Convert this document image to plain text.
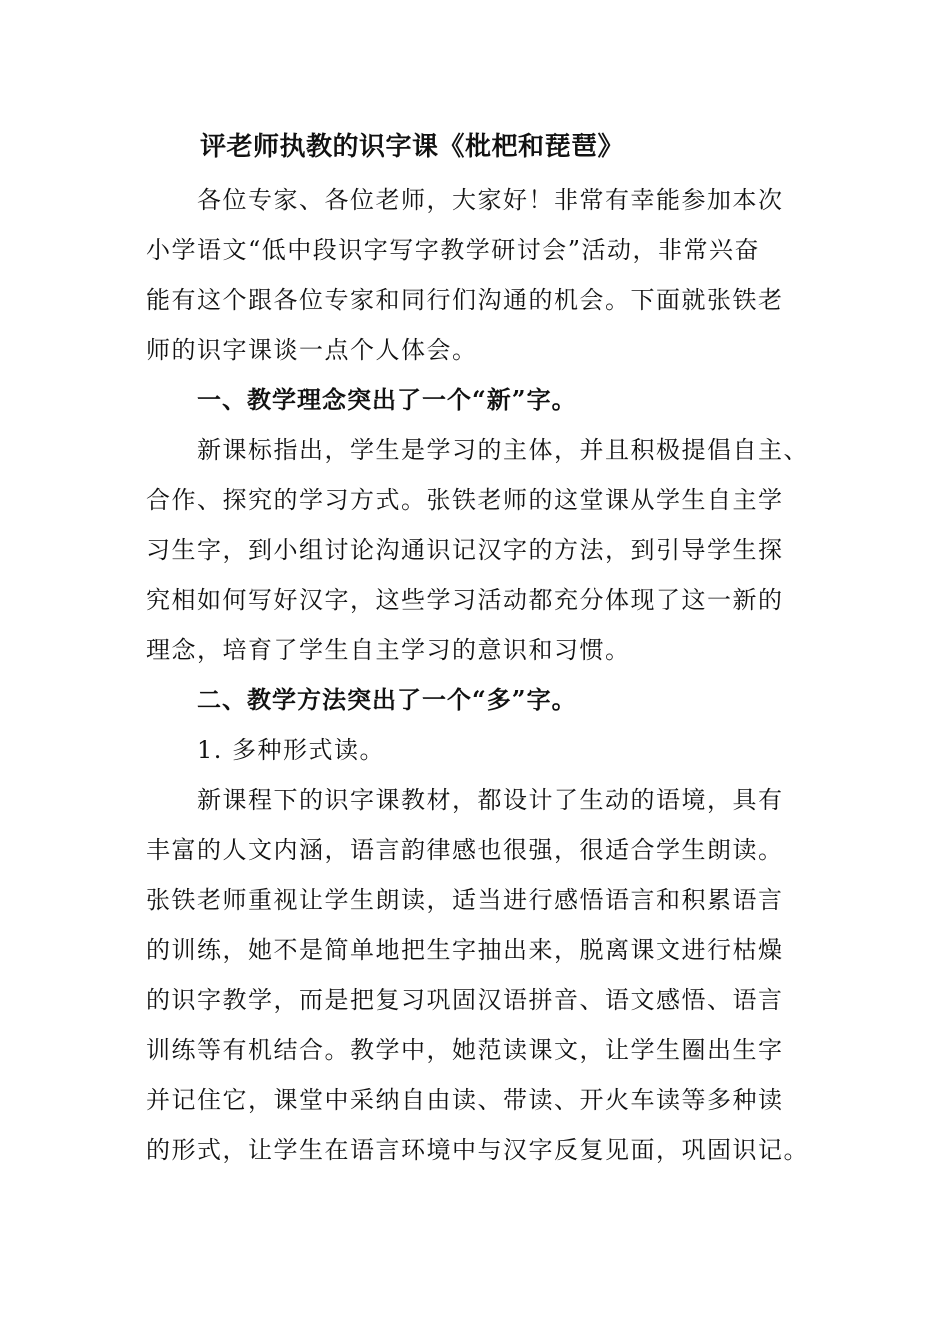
评老师执教的识字课《枇杷和琵琶》
各位专家、各位老师，大家好！非常有幸能参加本次
小学语文“低中段识字写字教学研讨会”活动，非常兴奋
能有这个跟各位专家和同行们沟通的机会。下面就张铁老
师的识字课谈一点个人体会。
一、教学理念突出了一个“新”字。
新课标指出，学生是学习的主体，并且积极提倡自主、
合作、探究的学习方式。张铁老师的这堂课从学生自主学
习生字，到小组讨论沟通识记汉字的方法，到引导学生探
究相如何写好汉字，这些学习活动都充分体现了这一新的
理念，培育了学生自主学习的意识和习惯。
二、教学方法突出了一个“多”字。
1. 多种形式读。
新课程下的识字课教材，都设计了生动的语境，具有
丰富的人文内涵，语言韵律感也很强，很适合学生朗读。
张铁老师重视让学生朗读，适当进行感悟语言和积累语言
的训练，她不是简单地把生字抽出来，脱离课文进行枯燥
的识字教学，而是把复习巩固汉语拼音、语文感悟、语言
训练等有机结合。教学中，她范读课文，让学生圈出生字
并记住它，课堂中采纳自由读、带读、开火车读等多种读
的形式，让学生在语言环境中与汉字反复见面，巩固识记。
